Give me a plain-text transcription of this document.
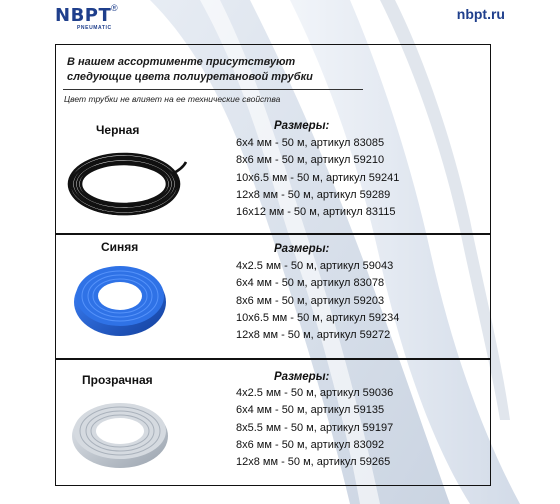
NBPT ®
PNEUMATIC
nbpt.ru
В нашем ассортименте присутствуют
следующие цвета полиуретановой трубки
Цвет трубки не влияет на ее технические свойства
Черная	Размеры:
6x4 мм - 50 м, артикул 83085
8x6 мм - 50 м, артикул 59210
10x6.5 мм - 50 м, артикул 59241
12x8 мм - 50 м, артикул 59289
16x12 мм - 50 м, артикул 83115
Синяя	Размеры:
4x2.5 мм - 50 м, артикул 59043
6x4 мм - 50 м, артикул 83078
8x6 мм - 50 м, артикул 59203
10x6.5 мм - 50 м, артикул 59234
12x8 мм - 50 м, артикул 59272
Прозрачная	Размеры:
4x2.5 мм - 50 м, артикул 59036
6x4 мм - 50 м, артикул 59135
8x5.5 мм - 50 м, артикул 59197
8x6 мм - 50 м, артикул 83092
12x8 мм - 50 м, артикул 59265
